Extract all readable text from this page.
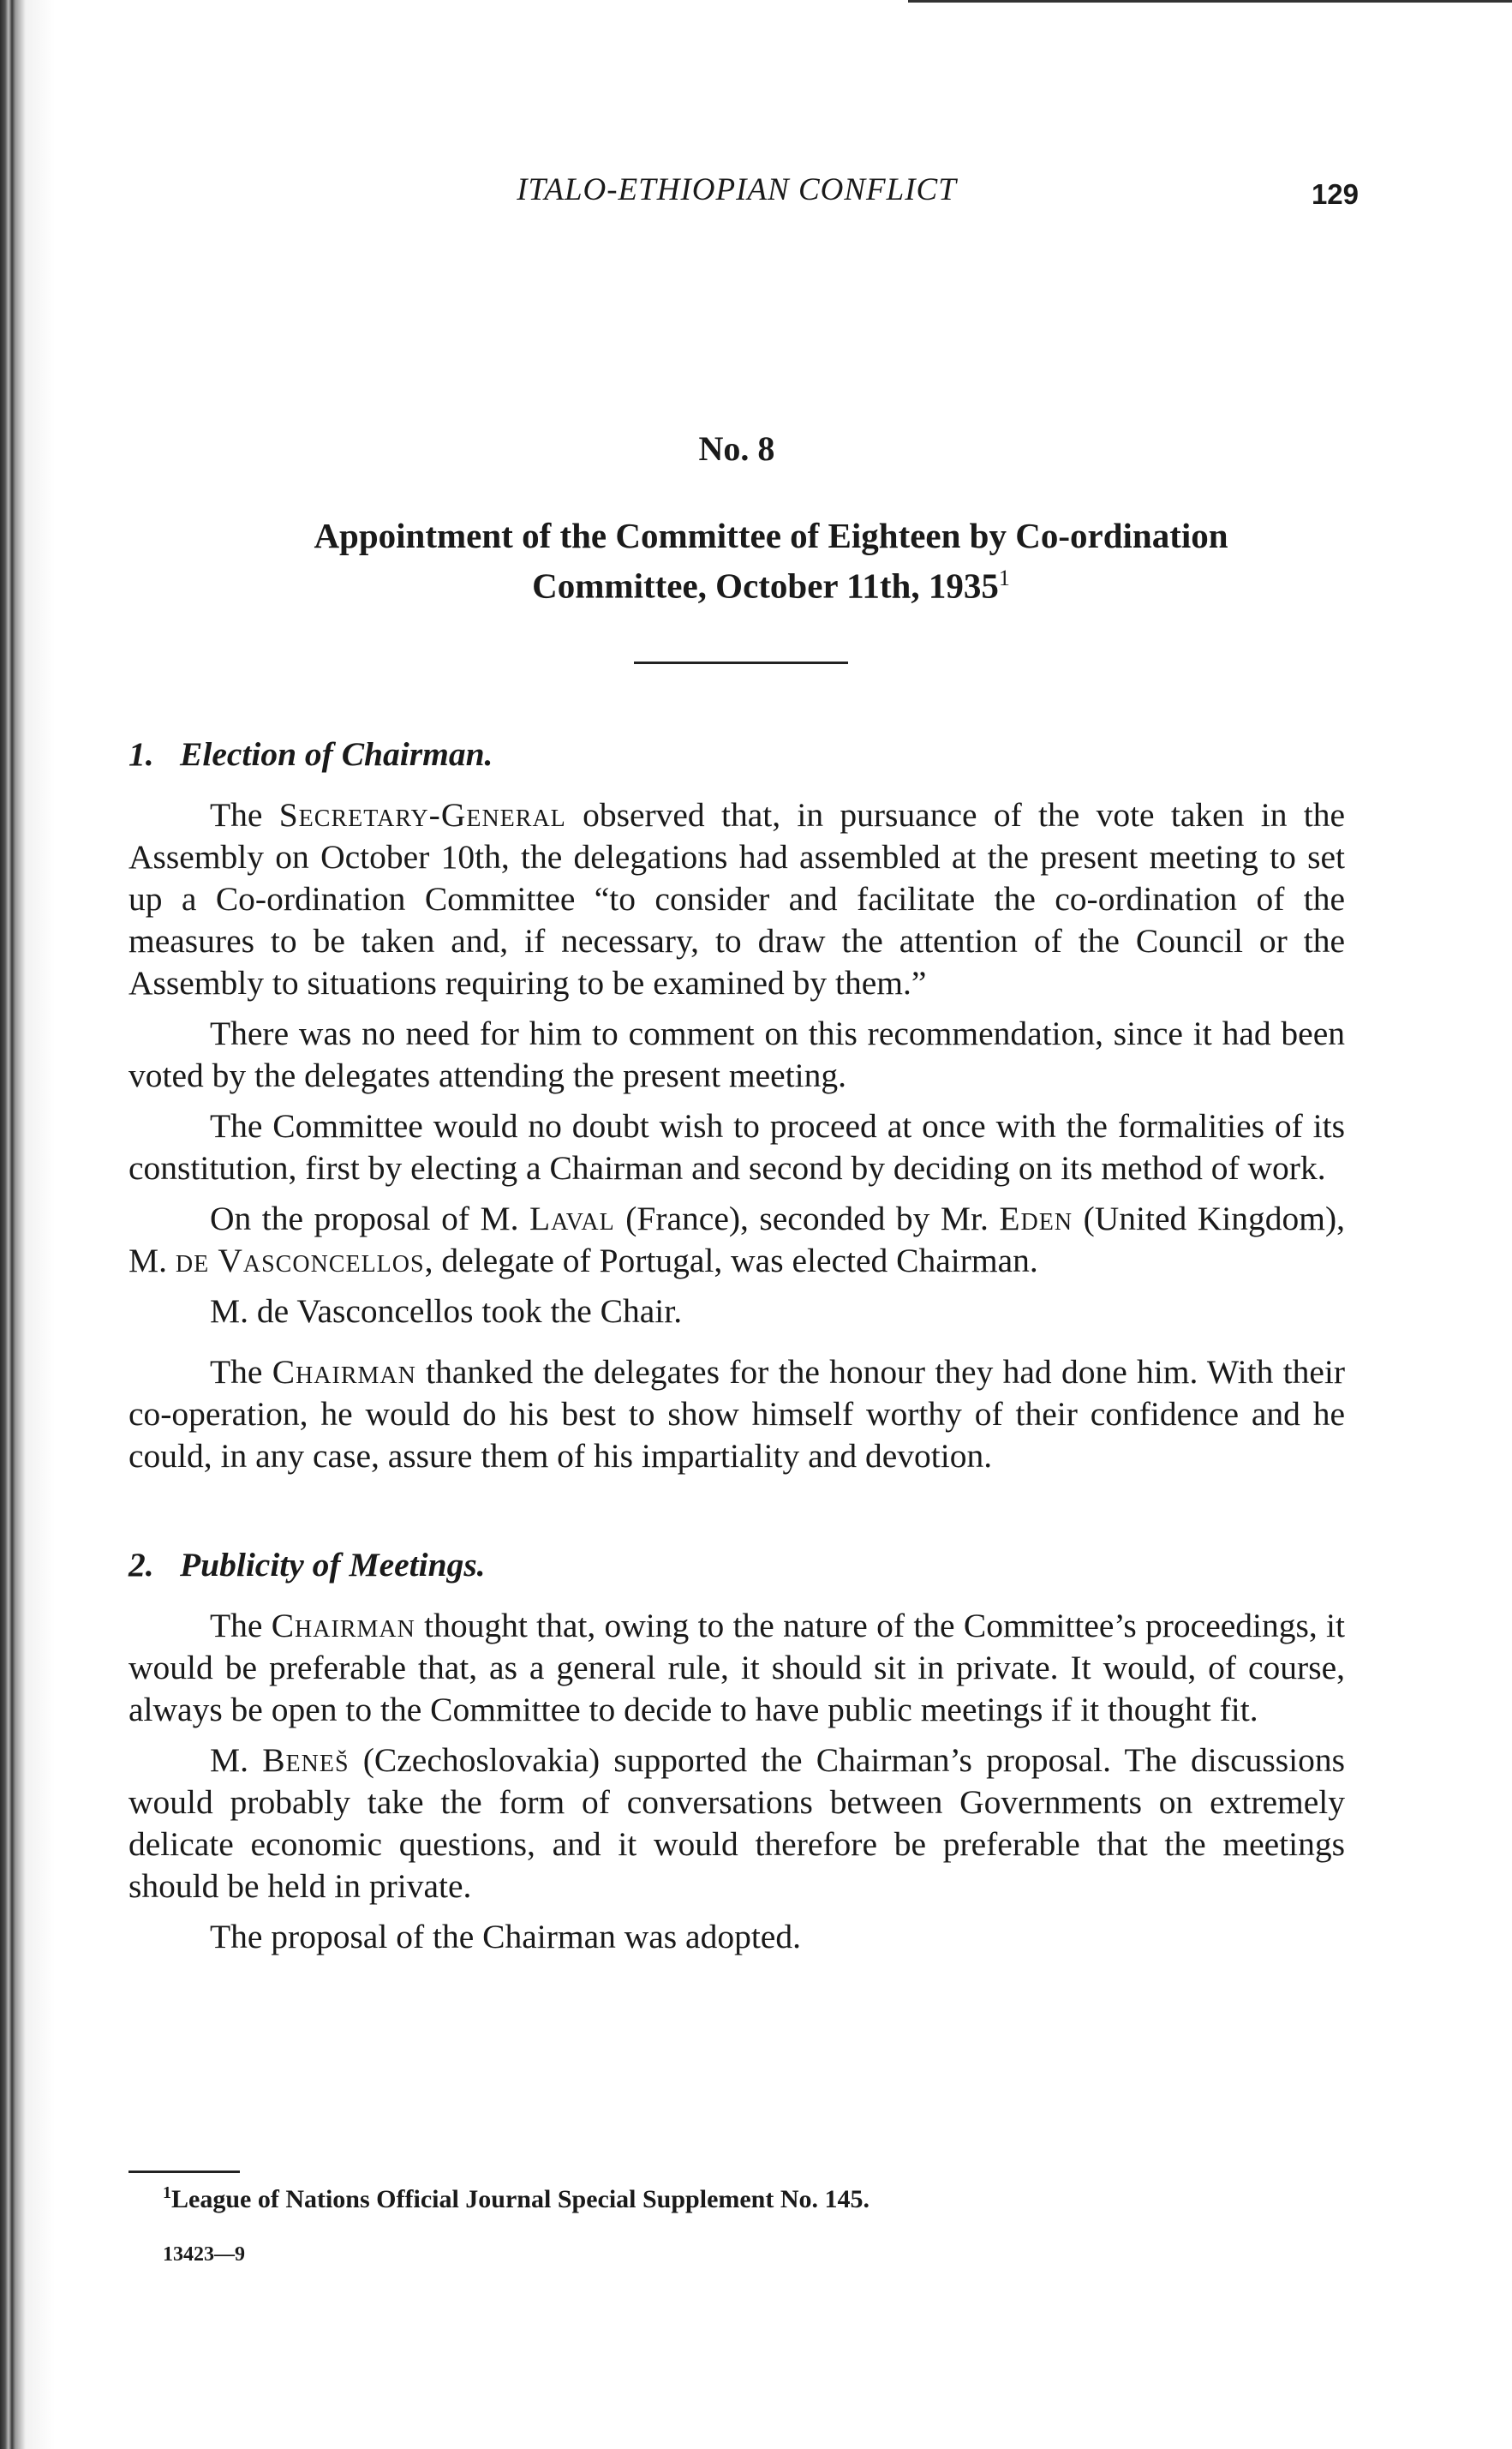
ITALO-ETHIOPIAN CONFLICT	129
No. 8
Appointment of the Committee of Eighteen by Co-ordination
Committee, October 11th, 1935$^1$
1. Election of Chairman.

The Secretary-General observed that, in pursuance of the vote taken in the Assembly on October 10th, the delegations had assembled at the present meeting to set up a Co-ordination Committee “to consider and facilitate the co-ordination of the measures to be taken and, if necessary, to draw the attention of the Council or the Assembly to situations requiring to be examined by them.”

There was no need for him to comment on this recommendation, since it had been voted by the delegates attending the present meeting.

The Committee would no doubt wish to proceed at once with the formalities of its constitution, first by electing a Chairman and second by deciding on its method of work.

On the proposal of M. Laval (France), seconded by Mr. Eden (United Kingdom), M. de Vasconcellos, delegate of Portugal, was elected Chairman.

M. de Vasconcellos took the Chair.

The Chairman thanked the delegates for the honour they had done him. With their co-operation, he would do his best to show himself worthy of their confidence and he could, in any case, assure them of his impartiality and devotion.

2. Publicity of Meetings.

The Chairman thought that, owing to the nature of the Committee’s proceedings, it would be preferable that, as a general rule, it should sit in private. It would, of course, always be open to the Committee to decide to have public meetings if it thought fit.

M. Beneš (Czechoslovakia) supported the Chairman’s proposal. The discussions would probably take the form of conversations between Governments on extremely delicate economic questions, and it would therefore be preferable that the meetings should be held in private.

The proposal of the Chairman was adopted.

$^1$League of Nations Official Journal Special Supplement No. 145.
13423—9
